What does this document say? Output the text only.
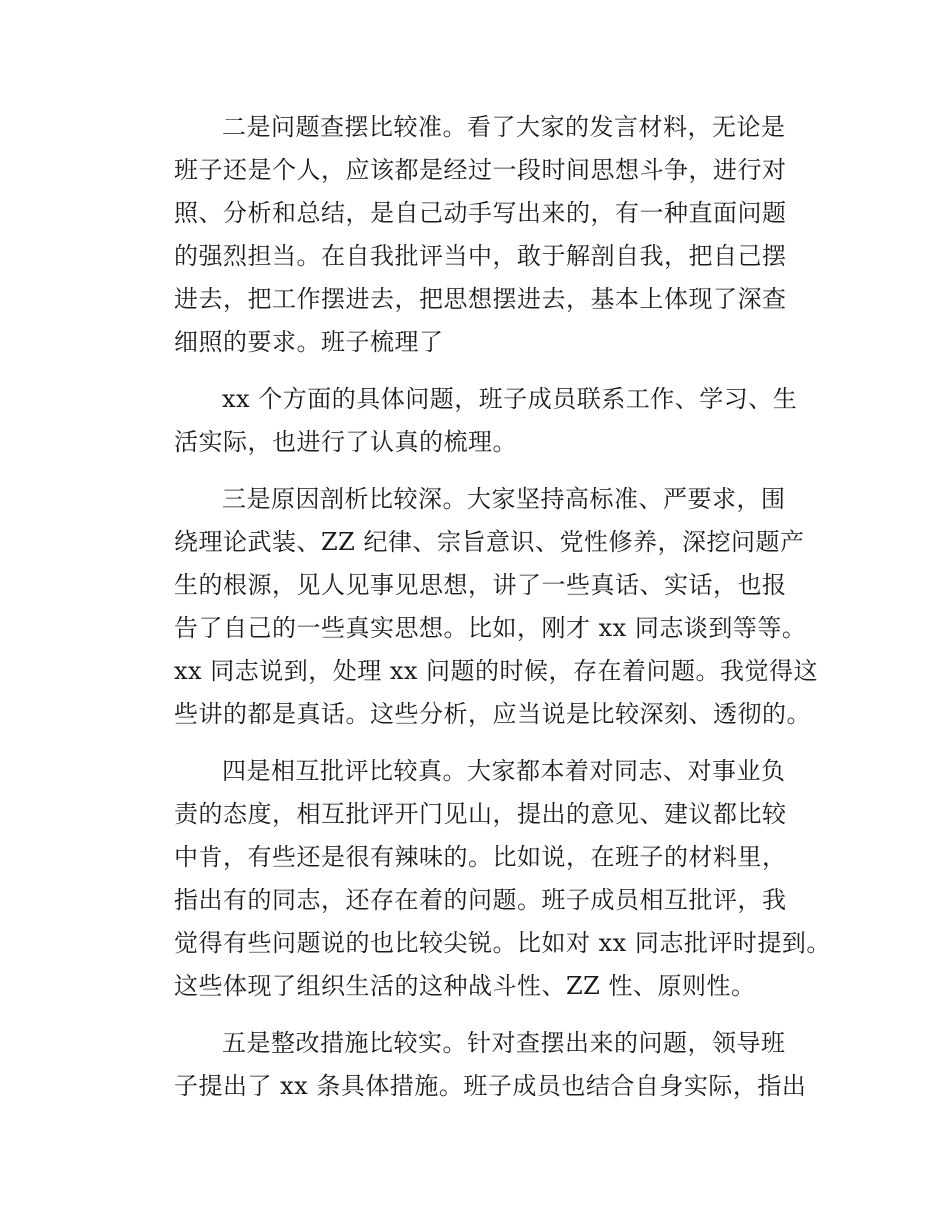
二是问题查摆比较准。看了大家的发言材料，无论是
班子还是个人，应该都是经过一段时间思想斗争，进行对
照、分析和总结，是自己动手写出来的，有一种直面问题
的强烈担当。在自我批评当中，敢于解剖自我，把自己摆
进去，把工作摆进去，把思想摆进去，基本上体现了深查
细照的要求。班子梳理了
xx 个方面的具体问题，班子成员联系工作、学习、生
活实际，也进行了认真的梳理。
三是原因剖析比较深。大家坚持高标准、严要求，围
绕理论武装、ZZ 纪律、宗旨意识、党性修养，深挖问题产
生的根源，见人见事见思想，讲了一些真话、实话，也报
告了自己的一些真实思想。比如，刚才 xx 同志谈到等等。
xx 同志说到，处理 xx 问题的时候，存在着问题。我觉得这
些讲的都是真话。这些分析，应当说是比较深刻、透彻的。
四是相互批评比较真。大家都本着对同志、对事业负
责的态度，相互批评开门见山，提出的意见、建议都比较
中肯，有些还是很有辣味的。比如说，在班子的材料里，
指出有的同志，还存在着的问题。班子成员相互批评，我
觉得有些问题说的也比较尖锐。比如对 xx 同志批评时提到。
这些体现了组织生活的这种战斗性、ZZ 性、原则性。
五是整改措施比较实。针对查摆出来的问题，领导班
子提出了 xx 条具体措施。班子成员也结合自身实际，指出
